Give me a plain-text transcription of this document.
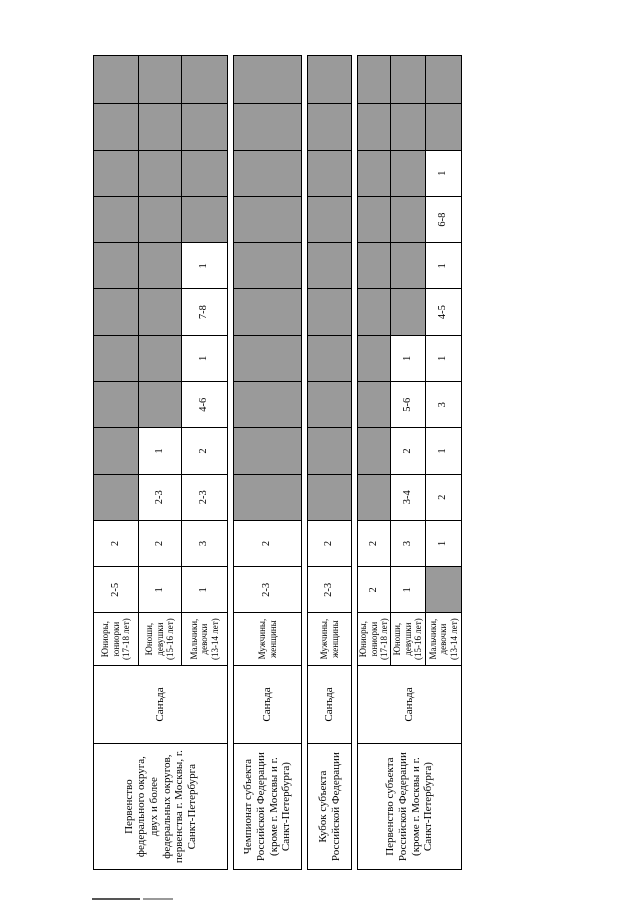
Первенство федерального округа, двух и более федеральных округов, первенства г. Москвы, г. Санкт-Петербурга	Санъда	Юниоры, юниорки (17-18 лет)	2-5	2										
		Юноши, девушки (15-16 лет)	1	2	2-3	1								
		Мальчики, девочки (13-14 лет)	1	3	2-3	2	4-6	1	7-8	1				

Чемпионат субъекта Российской Федерации (кроме г. Москвы и г. Санкт-Петербурга)	Санъда	Мужчины, женщины	2-3	2										

Кубок субъекта Российской Федерации	Санъда	Мужчины, женщины	2-3	2										

Первенство субъекта Российской Федерации (кроме г. Москвы и г. Санкт-Петербурга)	Санъда	Юниоры, юниорки (17-18 лет)	2	2										
		Юноши, девушки (15-16 лет)	1	3	3-4	2	5-6	1						
		Мальчики, девочки (13-14 лет)		1	2	1	3	1	4-5	1	6-8	1		
